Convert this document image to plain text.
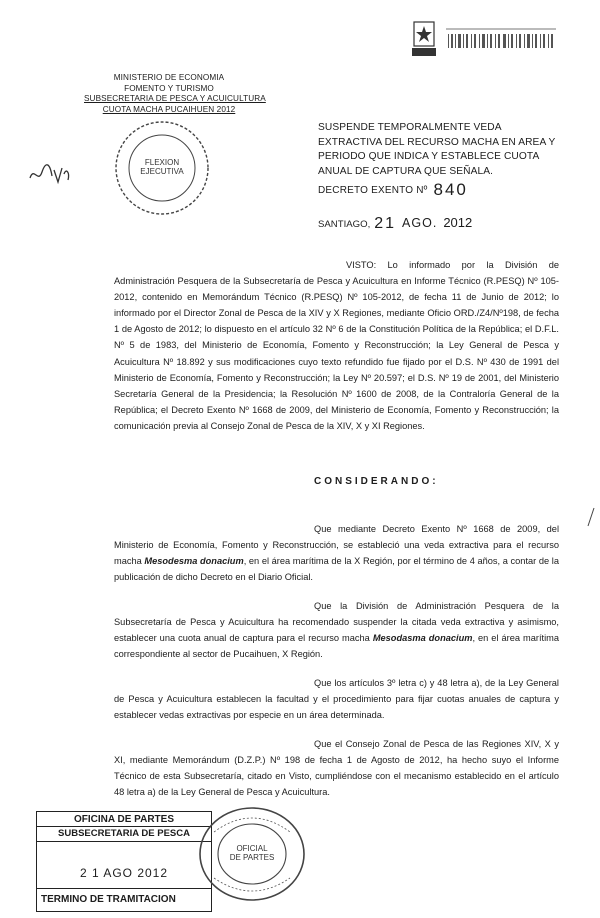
MINISTERIO DE ECONOMIA
FOMENTO Y TURISMO
SUBSECRETARIA DE PESCA Y ACUICULTURA
CUOTA MACHA PUCAIHUEN 2012
FLEXION
EJECUTIVA
SUSPENDE TEMPORALMENTE VEDA EXTRACTIVA DEL RECURSO MACHA EN AREA Y PERIODO QUE INDICA Y ESTABLECE CUOTA ANUAL DE CAPTURA QUE SEÑALA.
DECRETO EXENTO Nº 840
SANTIAGO, 21 AGO. 2012
VISTO: Lo informado por la División de Administración Pesquera de la Subsecretaría de Pesca y Acuicultura en Informe Técnico (R.PESQ) Nº 105-2012, contenido en Memorándum Técnico (R.PESQ) Nº 105-2012, de fecha 11 de Junio de 2012; lo informado por el Director Zonal de Pesca de la XIV y X Regiones, mediante Oficio ORD./Z4/Nº198, de fecha 1 de Agosto de 2012; lo dispuesto en el artículo 32 Nº 6 de la Constitución Política de la República; el D.F.L. Nº 5 de 1983, del Ministerio de Economía, Fomento y Reconstrucción; la Ley General de Pesca y Acuicultura Nº 18.892 y sus modificaciones cuyo texto refundido fue fijado por el D.S. Nº 430 de 1991 del Ministerio de Economía, Fomento y Reconstrucción; la Ley Nº 20.597; el D.S. Nº 19 de 2001, del Ministerio Secretaría General de la Presidencia; la Resolución Nº 1600 de 2008, de la Contraloría General de la República; el Decreto Exento Nº 1668 de 2009, del Ministerio de Economía, Fomento y Reconstrucción; la comunicación previa al Consejo Zonal de Pesca de la XIV, X y XI Regiones.
CONSIDERANDO:
Que mediante Decreto Exento Nº 1668 de 2009, del Ministerio de Economía, Fomento y Reconstrucción, se estableció una veda extractiva para el recurso macha Mesodesma donacium, en el área marítima de la X Región, por el término de 4 años, a contar de la publicación de dicho Decreto en el Diario Oficial.
Que la División de Administración Pesquera de la Subsecretaría de Pesca y Acuicultura ha recomendado suspender la citada veda extractiva y asimismo, establecer una cuota anual de captura para el recurso macha Mesodasma donacium, en el área marítima correspondiente al sector de Pucaihuen, X Región.
Que los artículos 3º letra c) y 48 letra a), de la Ley General de Pesca y Acuicultura establecen la facultad y el procedimiento para fijar cuotas anuales de captura y establecer vedas extractivas por especie en un área determinada.
Que el Consejo Zonal de Pesca de las Regiones XIV, X y XI, mediante Memorándum (D.Z.P.) Nº 198 de fecha 1 de Agosto de 2012, ha hecho suyo el Informe Técnico de esta Subsecretaría, citado en Visto, cumpliéndose con el mecanismo establecido en el artículo 48 letra a) de la Ley General de Pesca y Acuicultura.
OFICINA DE PARTES
SUBSECRETARIA DE PESCA
2 1 AGO 2012
TERMINO DE TRAMITACION
OFICIAL
DE PARTES
